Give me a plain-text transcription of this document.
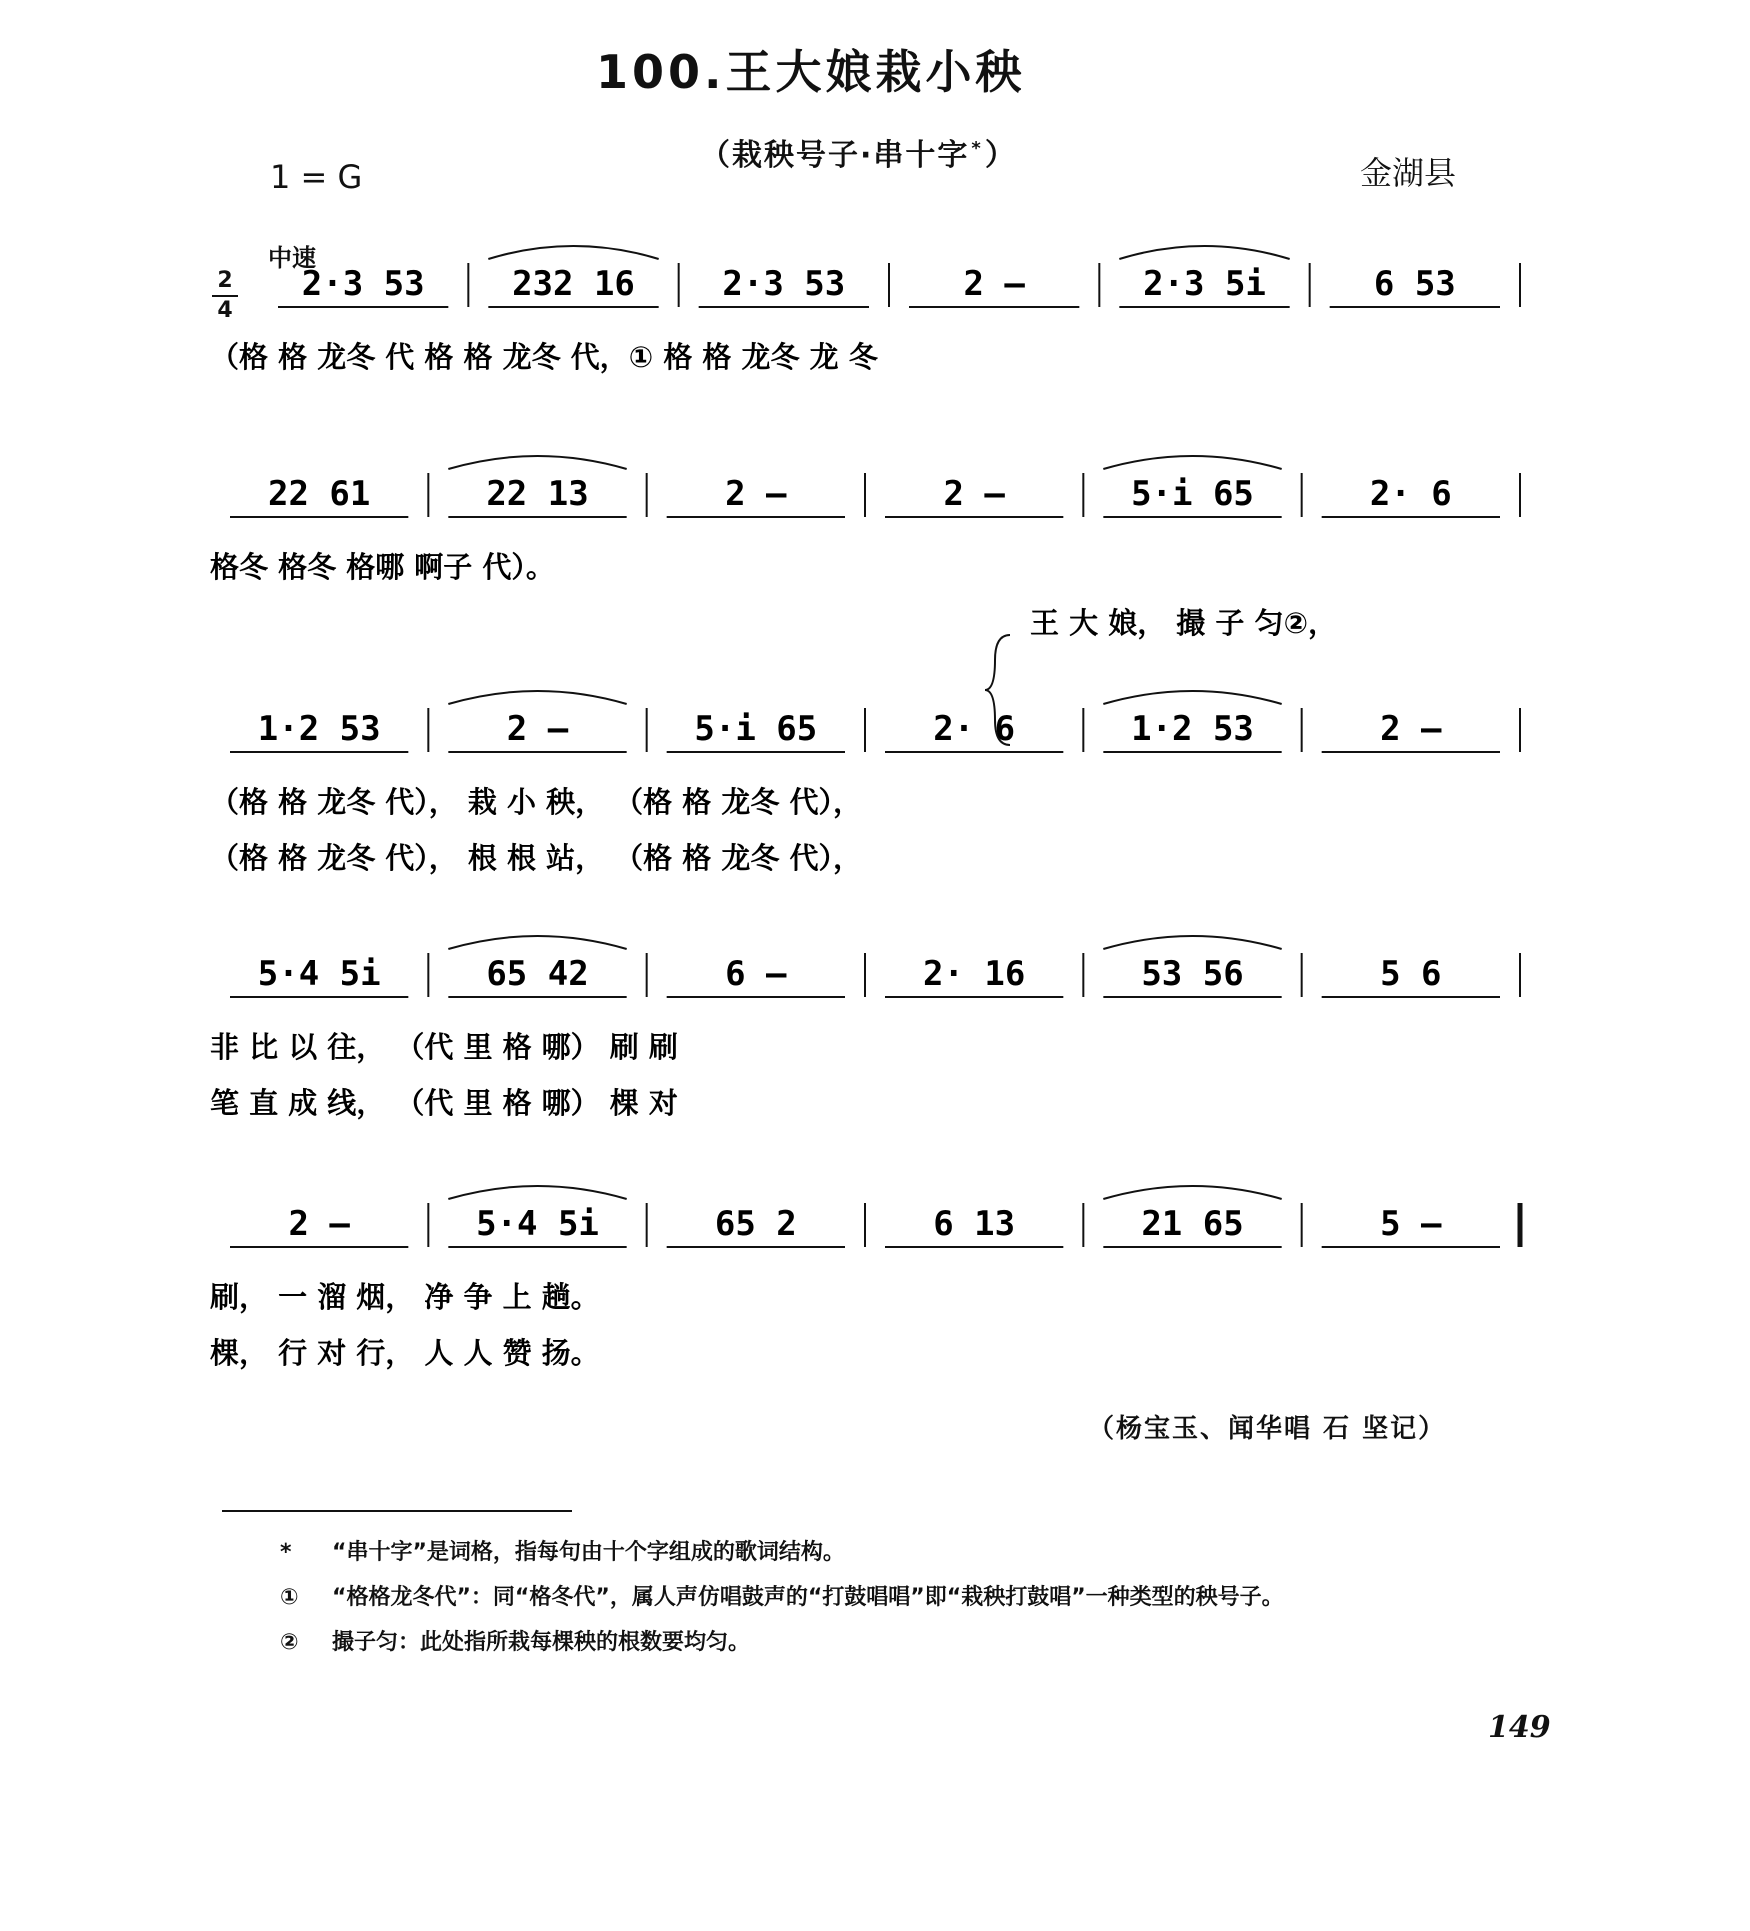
100.王大娘栽小秧
（栽秧号子·串十字 *）
1 = G	金湖县
中速
2
4
2·3 53	232 16	2·3 53	2 –	2·3 5i	6 53
（格 格 龙冬 代 格 格 龙冬 代，① 格 格 龙冬 龙 冬
22 61	22 13	2 –	2 –	5·i 65	2· 6
格冬 格冬 格哪 啊子 代）。
王 大 娘， 撮 子 匀②，
1·2 53	2 –	5·i 65	2· 6	1·2 53	2 –
（格 格 龙冬 代）， 栽 小 秧， （格 格 龙冬 代），
（格 格 龙冬 代）， 根 根 站， （格 格 龙冬 代），
5·4 5i	65 42	6 –	2· 16	53 56	5 6
非 比 以 往， （代 里 格 哪） 刷 刷
笔 直 成 线， （代 里 格 哪） 棵 对
2 –	5·4 5i	65 2	6 13	21 65	5 –
刷， 一 溜 烟， 净 争 上 趟。
棵， 行 对 行， 人 人 赞 扬。
（杨宝玉、闻华唱 石 坚记）
* “串十字”是词格，指每句由十个字组成的歌词结构。
① “格格龙冬代”：同“格冬代”，属人声仿唱鼓声的“打鼓唱唱”即“栽秧打鼓唱”一种类型的秧号子。
② 撮子匀：此处指所栽每棵秧的根数要均匀。
149
